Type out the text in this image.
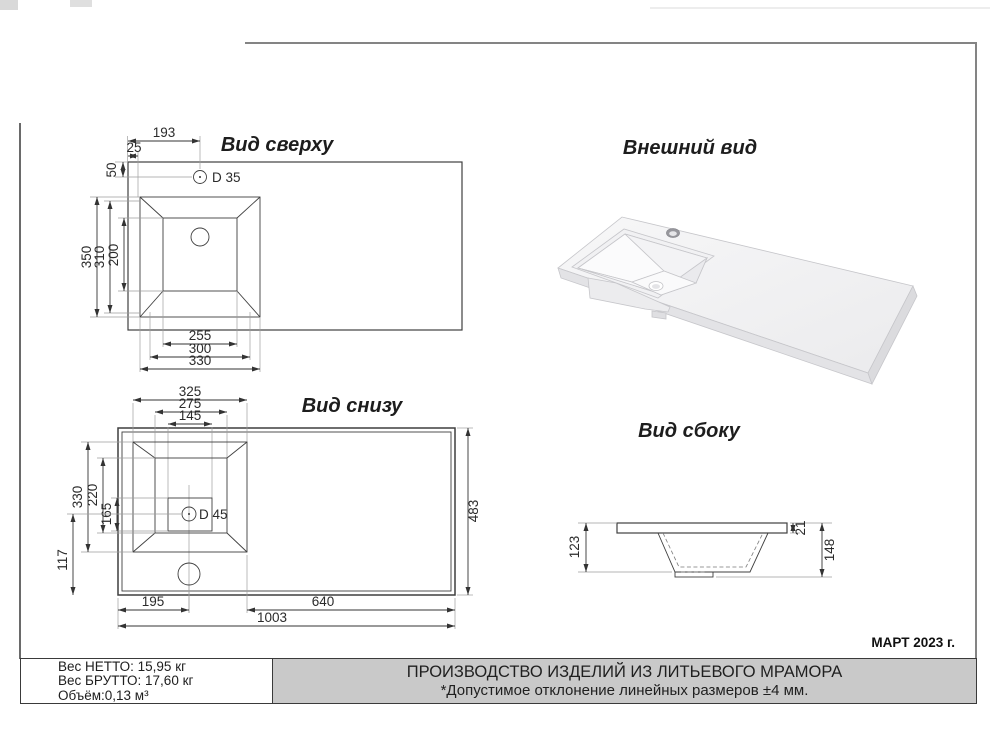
Вид сверху
D 35
193
25
50
350
310 200
255
300
330
Внешний вид
Вид снизу
D 45
325
275
145
330 220
165
117
195	640
1003
483
Вид сбоку
123
21
148
МАРТ 2023 г.
Вес НЕТТО: 15,95 кг
Вес БРУТТО: 17,60 кг
Объём:0,13 м³
ПРОИЗВОДСТВО ИЗДЕЛИЙ ИЗ ЛИТЬЕВОГО МРАМОРА
*Допустимое отклонение линейных размеров ±4 мм.
